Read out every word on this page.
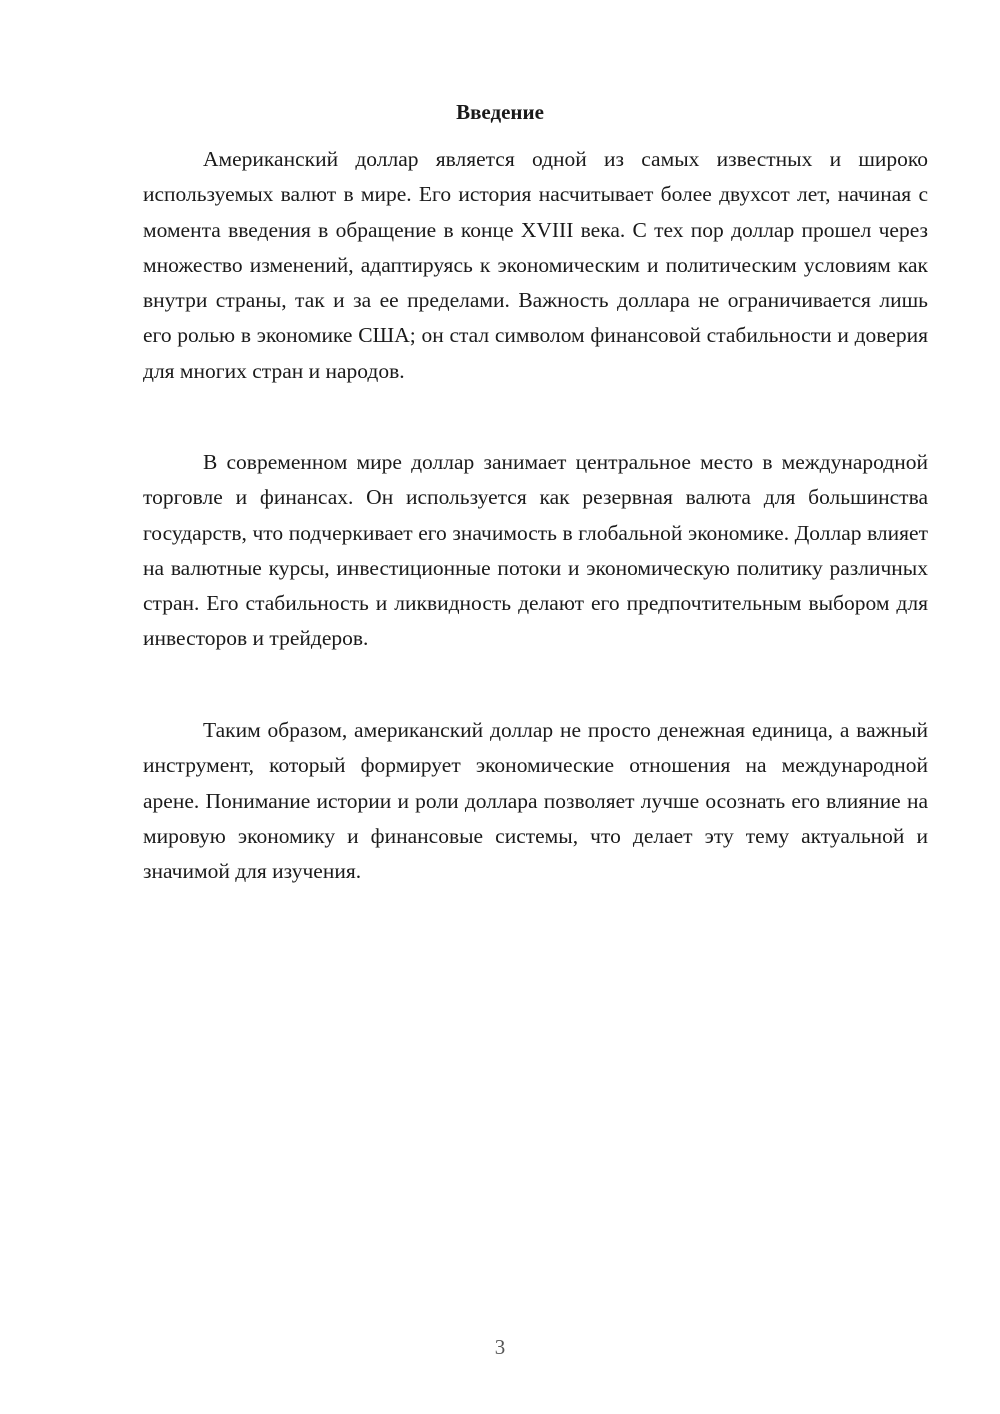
Введение

Американский доллар является одной из самых известных и широко используемых валют в мире. Его история насчитывает более двухсот лет, начиная с момента введения в обращение в конце XVIII века. С тех пор доллар прошел через множество изменений, адаптируясь к экономическим и политическим условиям как внутри страны, так и за ее пределами. Важность доллара не ограничивается лишь его ролью в экономике США; он стал символом финансовой стабильности и доверия для многих стран и народов.

В современном мире доллар занимает центральное место в международной торговле и финансах. Он используется как резервная валюта для большинства государств, что подчеркивает его значимость в глобальной экономике. Доллар влияет на валютные курсы, инвестиционные потоки и экономическую политику различных стран. Его стабильность и ликвидность делают его предпочтительным выбором для инвесторов и трейдеров.

Таким образом, американский доллар не просто денежная единица, а важный инструмент, который формирует экономические отношения на международной арене. Понимание истории и роли доллара позволяет лучше осознать его влияние на мировую экономику и финансовые системы, что делает эту тему актуальной и значимой для изучения.

3
